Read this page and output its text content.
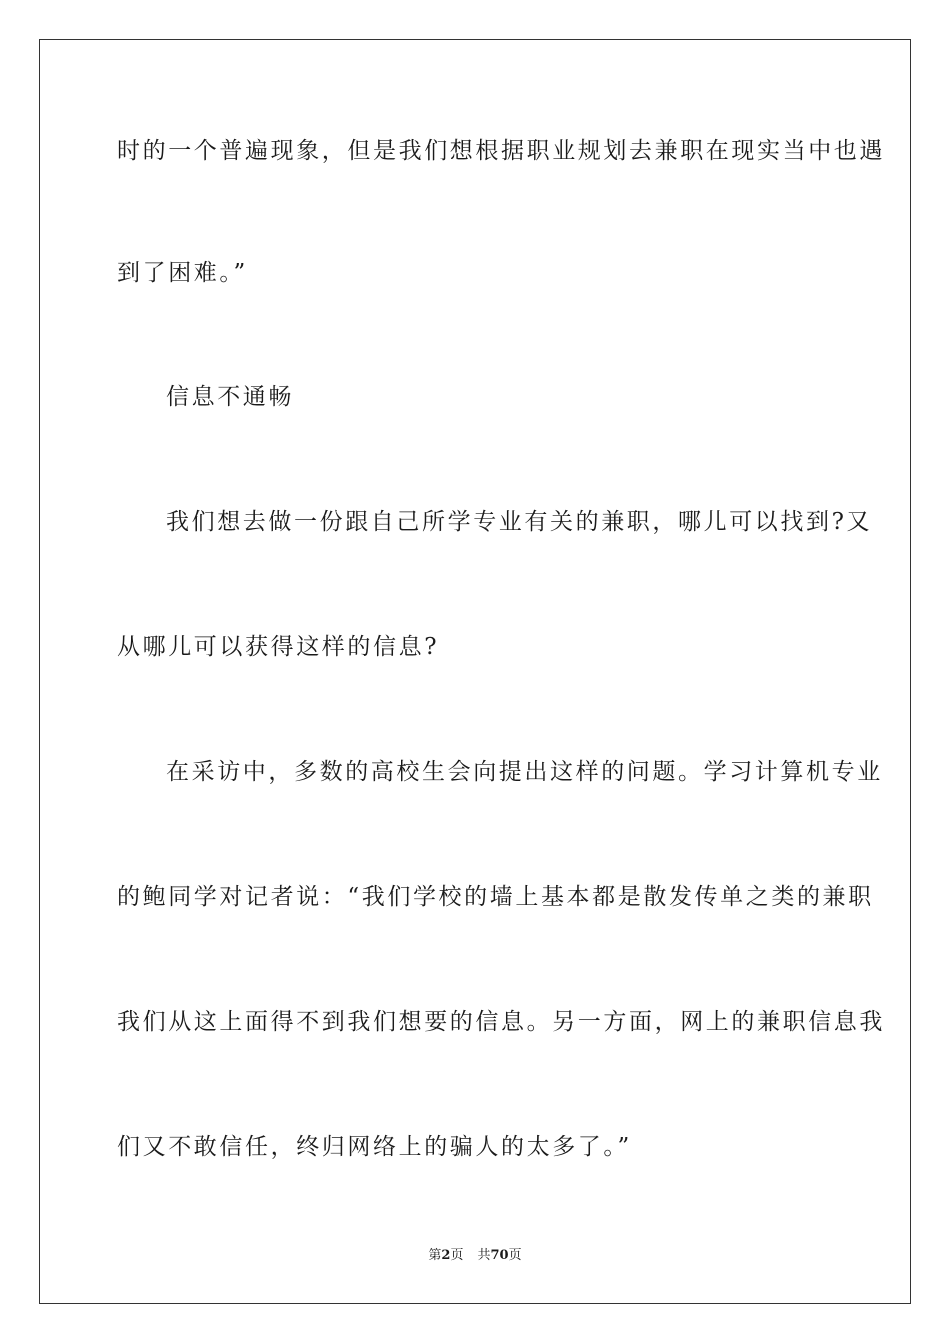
时的一个普遍现象，但是我们想根据职业规划去兼职在现实当中也遇
到了困难。”
信息不通畅
我们想去做一份跟自己所学专业有关的兼职，哪儿可以找到?又
从哪儿可以获得这样的信息?
在采访中，多数的高校生会向提出这样的问题。学习计算机专业
的鲍同学对记者说：“我们学校的墙上基本都是散发传单之类的兼职
我们从这上面得不到我们想要的信息。另一方面，网上的兼职信息我
们又不敢信任，终归网络上的骗人的太多了。”
第2页 共70页
